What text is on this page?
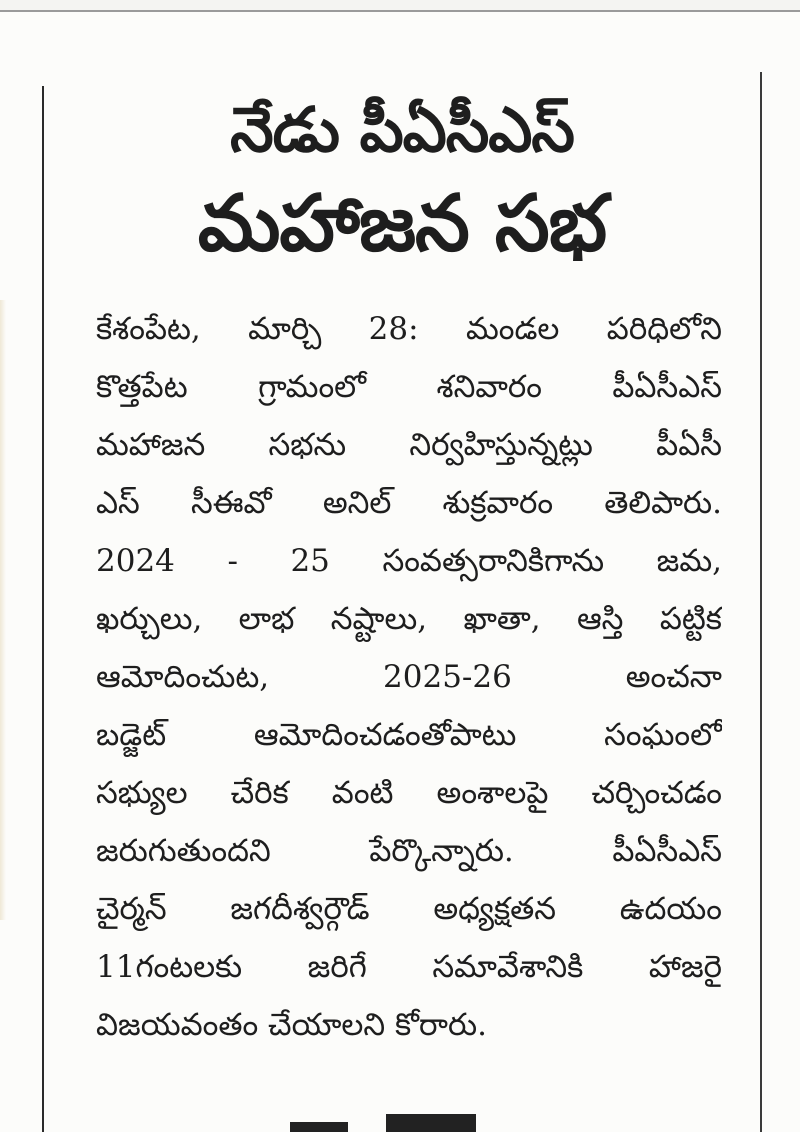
నేడు పీఏసీఎస్
మహాజన సభ
కేశంపేట, మార్చి 28: మండల పరిధిలోని
కొత్తపేట గ్రామంలో శనివారం పీఏసీఎస్
మహాజన సభను నిర్వహిస్తున్నట్లు పీఏసీ
ఎస్ సీఈవో అనిల్ శుక్రవారం తెలిపారు.
2024 - 25 సంవత్సరానికిగాను జమ,
ఖర్చులు, లాభ నష్టాలు, ఖాతా, ఆస్తి పట్టిక
ఆమోదించుట, 2025-26 అంచనా
బడ్జెట్ ఆమోదించడంతోపాటు సంఘంలో
సభ్యుల చేరిక వంటి అంశాలపై చర్చించడం
జరుగుతుందని పేర్కొన్నారు. పీఏసీఎస్
చైర్మన్ జగదీశ్వర్గౌడ్ అధ్యక్షతన ఉదయం
11గంటలకు జరిగే సమావేశానికి హాజరై
విజయవంతం చేయాలని కోరారు.
